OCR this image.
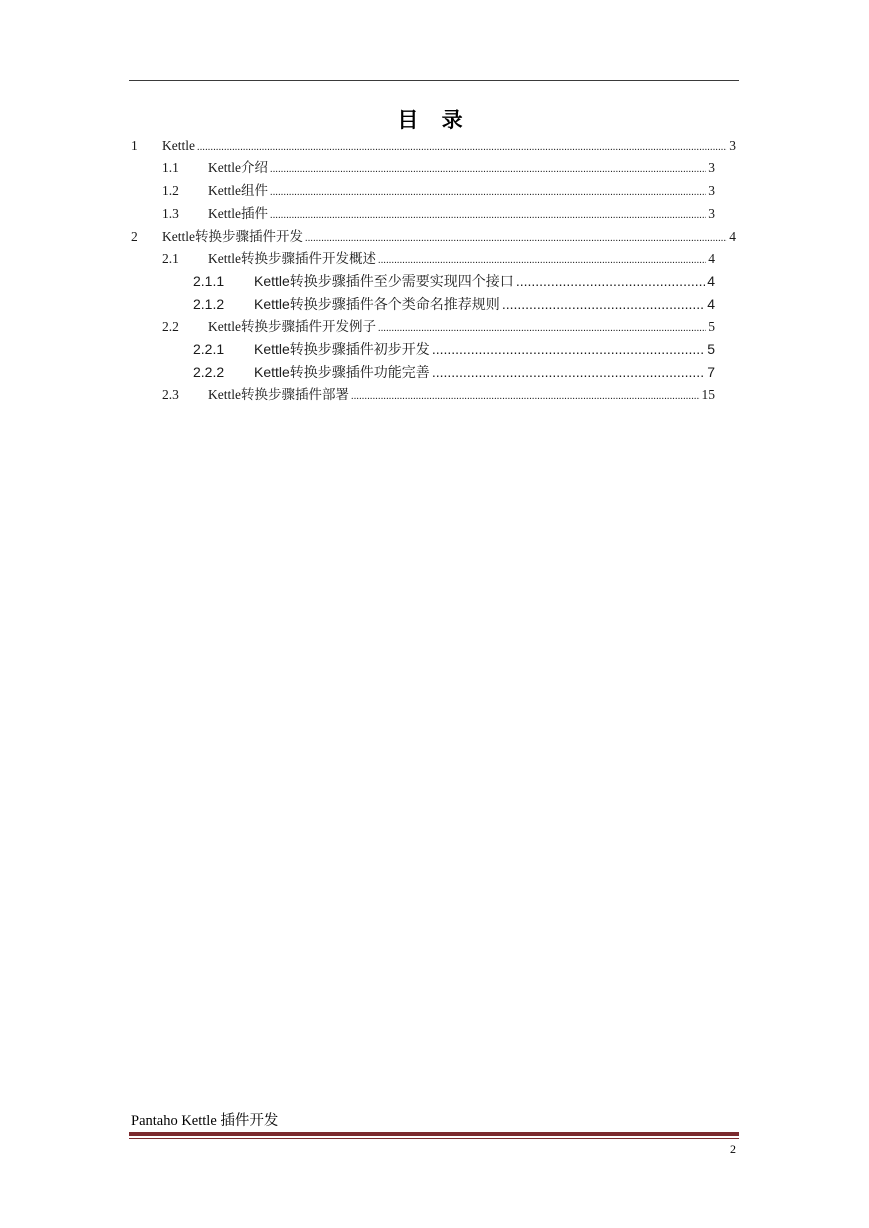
目 录
1	Kettle .....	3
1.1	Kettle介绍 .....	3
1.2	Kettle组件 .....	3
1.3	Kettle插件 .....	3
2	Kettle转换步骤插件开发 .....	4
2.1	Kettle转换步骤插件开发概述 .....	4
2.1.1	Kettle转换步骤插件至少需要实现四个接口 .....	4
2.1.2	Kettle转换步骤插件各个类命名推荐规则 .....	4
2.2	Kettle转换步骤插件开发例子 .....	5
2.2.1	Kettle转换步骤插件初步开发 .....	5
2.2.2	Kettle转换步骤插件功能完善 .....	7
2.3	Kettle转换步骤插件部署 .....	15
Pantaho Kettle 插件开发
2
